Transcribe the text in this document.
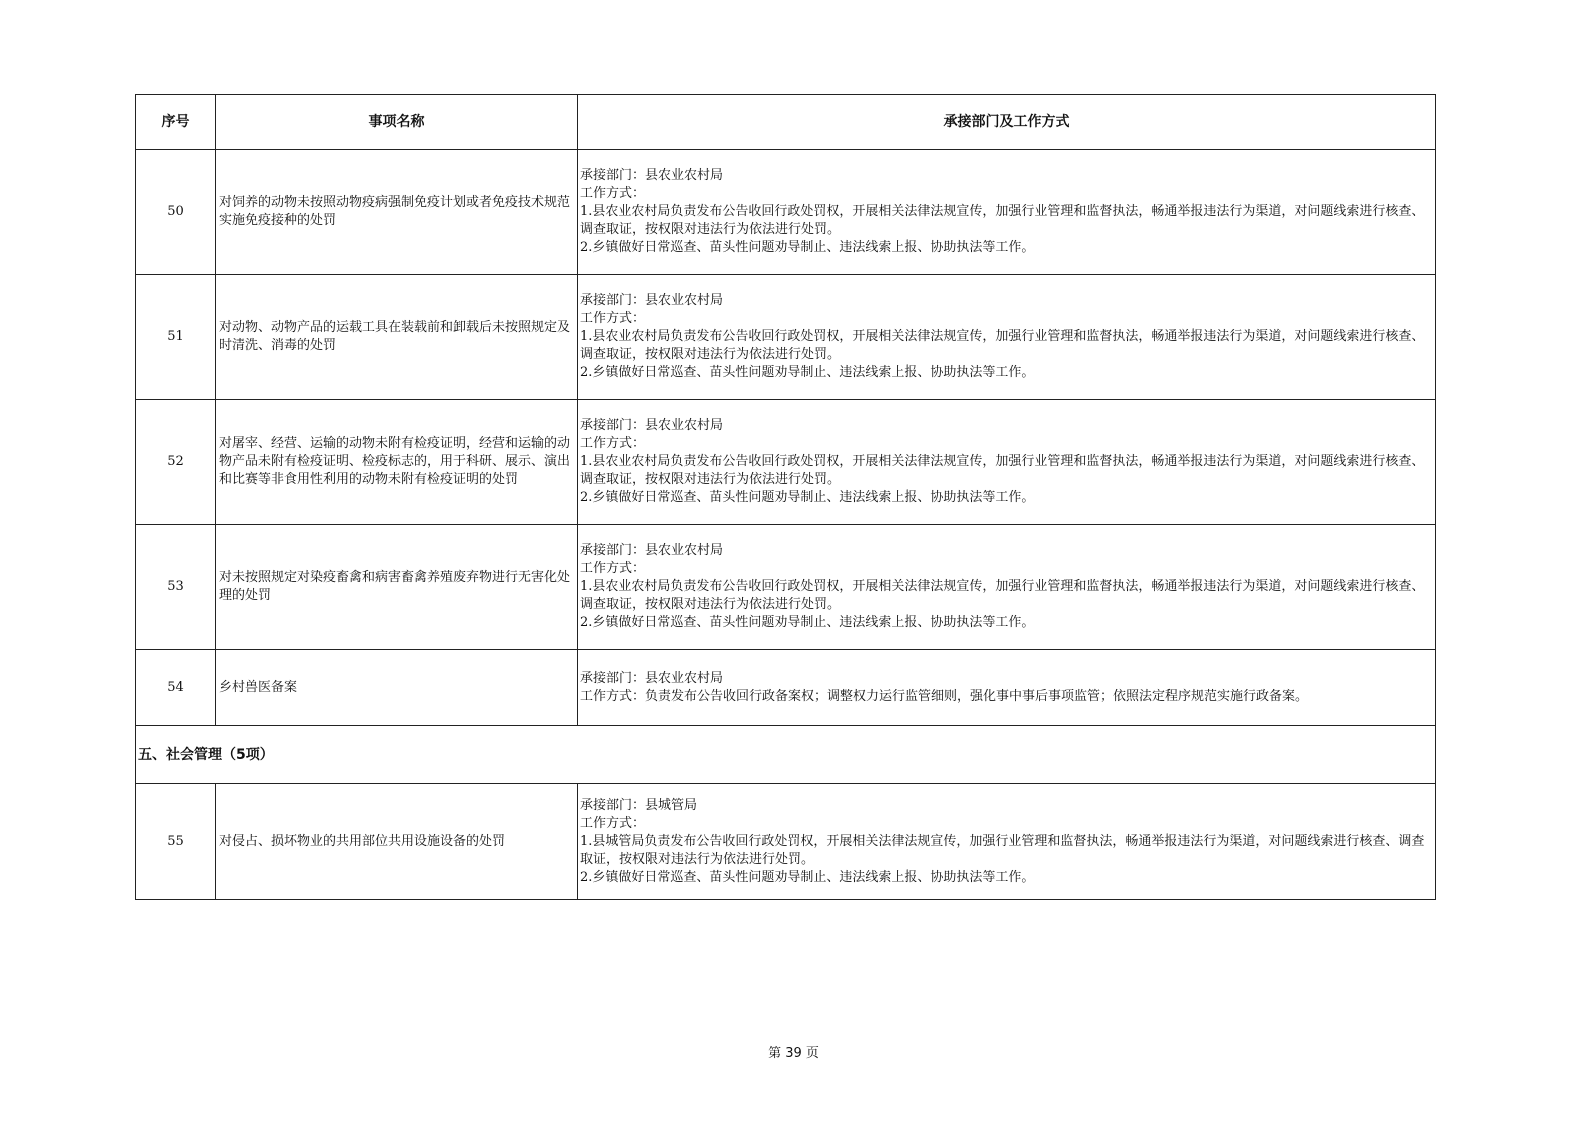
序号	事项名称	承接部门及工作方式
50	对饲养的动物未按照动物疫病强制免疫计划或者免疫技术规范实施免疫接种的处罚	承接部门：县农业农村局
工作方式：
1.县农业农村局负责发布公告收回行政处罚权，开展相关法律法规宣传，加强行业管理和监督执法，畅通举报违法行为渠道，对问题线索进行核查、调查取证，按权限对违法行为依法进行处罚。
2.乡镇做好日常巡查、苗头性问题劝导制止、违法线索上报、协助执法等工作。

51	对动物、动物产品的运载工具在装载前和卸载后未按照规定及时清洗、消毒的处罚	承接部门：县农业农村局
工作方式：
1.县农业农村局负责发布公告收回行政处罚权，开展相关法律法规宣传，加强行业管理和监督执法，畅通举报违法行为渠道，对问题线索进行核查、调查取证，按权限对违法行为依法进行处罚。
2.乡镇做好日常巡查、苗头性问题劝导制止、违法线索上报、协助执法等工作。

52	对屠宰、经营、运输的动物未附有检疫证明，经营和运输的动物产品未附有检疫证明、检疫标志的，用于科研、展示、演出和比赛等非食用性利用的动物未附有检疫证明的处罚	承接部门：县农业农村局
工作方式：
1.县农业农村局负责发布公告收回行政处罚权，开展相关法律法规宣传，加强行业管理和监督执法，畅通举报违法行为渠道，对问题线索进行核查、调查取证，按权限对违法行为依法进行处罚。
2.乡镇做好日常巡查、苗头性问题劝导制止、违法线索上报、协助执法等工作。

53	对未按照规定对染疫畜禽和病害畜禽养殖废弃物进行无害化处理的处罚	承接部门：县农业农村局
工作方式：
1.县农业农村局负责发布公告收回行政处罚权，开展相关法律法规宣传，加强行业管理和监督执法，畅通举报违法行为渠道，对问题线索进行核查、调查取证，按权限对违法行为依法进行处罚。
2.乡镇做好日常巡查、苗头性问题劝导制止、违法线索上报、协助执法等工作。

54	乡村兽医备案	承接部门：县农业农村局
工作方式：负责发布公告收回行政备案权；调整权力运行监管细则，强化事中事后事项监管；依照法定程序规范实施行政备案。

五、社会管理（5项）		
55	对侵占、损坏物业的共用部位共用设施设备的处罚	承接部门：县城管局
工作方式：
1.县城管局负责发布公告收回行政处罚权，开展相关法律法规宣传，加强行业管理和监督执法，畅通举报违法行为渠道，对问题线索进行核查、调查取证，按权限对违法行为依法进行处罚。
2.乡镇做好日常巡查、苗头性问题劝导制止、违法线索上报、协助执法等工作。
第 39 页
